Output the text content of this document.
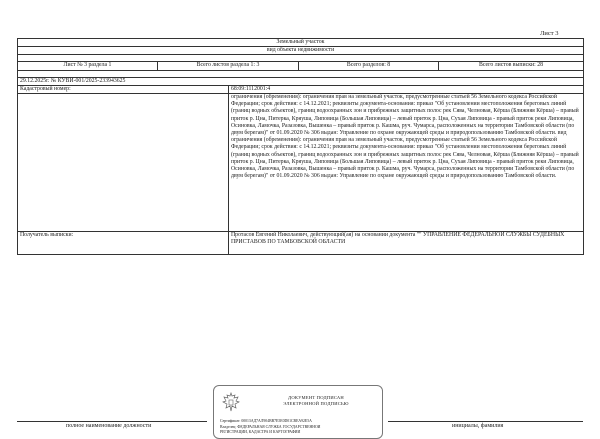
Лист 3
Земельный участок				
вид объекта недвижимости				

Лист № 3 раздела 1	Всего листов раздела 1: 3		Всего разделов: 8	Всего листов выписки: 28

29.12.2025г. № КУВИ-001/2025-233943625				
Кадастровый номер:		68:09:1112001:4		
		ограничения (обременения): ограничения прав на земельный участок, предусмотренные статьей 56 Земельного кодекса Российской Федерации; срок действия: с 14.12.2021; реквизиты документа-основания: приказ "Об установлении местоположения береговых линий (границ водных объектов), границ водоохранных зон и прибрежных защитных полос рек Сява, Челновая, Кёрша (Ближняя Кёрша) – правый приток р. Цна, Питерка, Кряуша, Липовица (Большая Липовица) – левый приток р. Цна, Сухая Липовица - правый приток реки Липовица, Осиновка, Ламочка, Разазовка, Вышенка – правый приток р. Кашма, руч. Чумарса, расположенных на территории Тамбовской области (по двум берегам)" от 01.09.2020 № 306 выдан: Управление по охране окружающей среды и природопользованию Тамбовской области. вид ограничения (обременения): ограничения прав на земельный участок, предусмотренные статьей 56 Земельного кодекса Российской Федерации; срок действия: с 14.12.2021; реквизиты документа-основания: приказ "Об установлении местоположения береговых линий (границ водных объектов), границ водоохранных зон и прибрежных защитных полос рек Сява, Челновая, Кёрша (Ближняя Кёрша) – правый приток р. Цна, Питерка, Кряуша, Липовица (Большая Липовица) – левый приток р. Цна, Сухая Липовица - правый приток реки Липовица, Осиновка, Ламочка, Разазовка, Вышенка – правый приток р. Кашма, руч. Чумарса, расположенных на территории Тамбовской области (по двум берегам)" от 01.09.2020 № 306 выдан: Управление по охране окружающей среды и природопользованию Тамбовской области.		
Получатель выписки:		Протасов Евгений Николаевич, действующий(ая) на основании документа "" УПРАВЛЕНИЕ ФЕДЕРАЛЬНОЙ СЛУЖБЫ СУДЕБНЫХ ПРИСТАВОВ ПО ТАМБОВСКОЙ ОБЛАСТИ		
ДОКУМЕНТ ПОДПИСАН
ЭЛЕКТРОННОЙ ПОДПИСЬЮ
Сертификат: 00013АД7АЛ904BB7E5E0D01CBEA92E5A
Владелец: ФЕДЕРАЛЬНАЯ СЛУЖБА ГОСУДАРСТВЕННОЙ
РЕГИСТРАЦИИ, КАДАСТРА И КАРТОГРАФИИ
полное наименование должности	инициалы, фамилия
